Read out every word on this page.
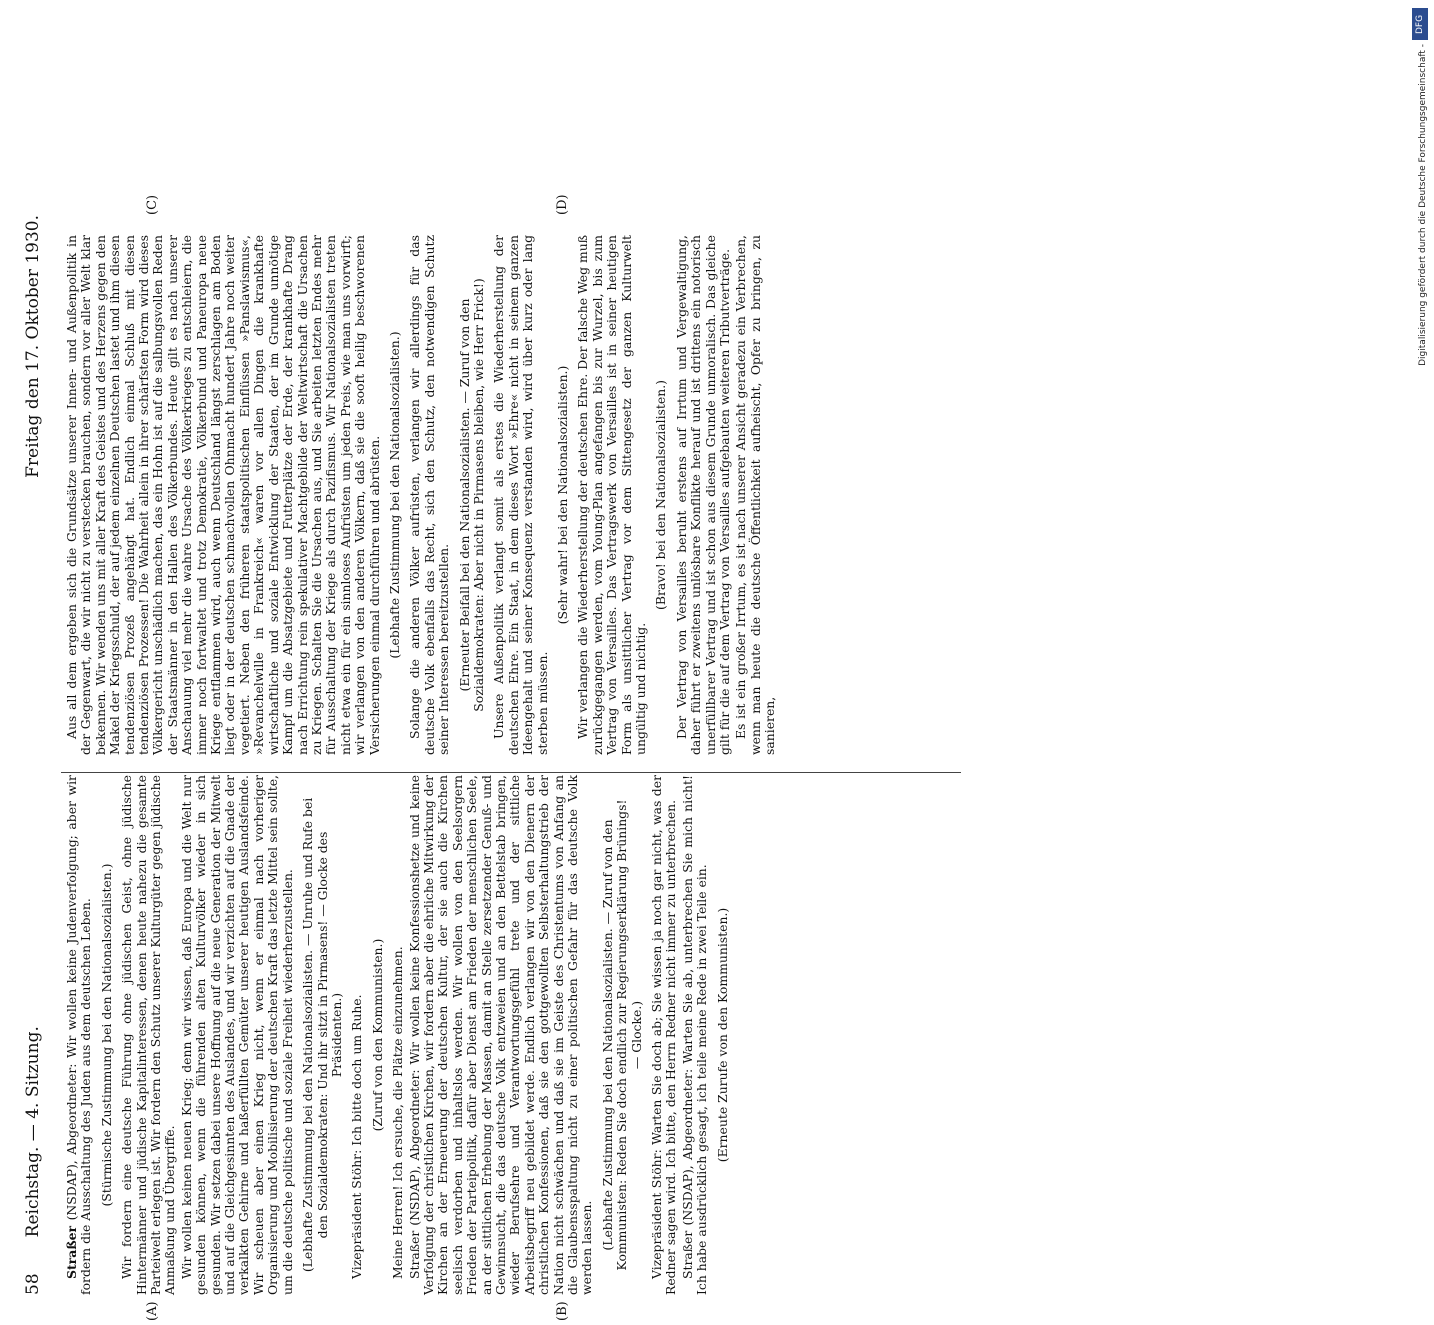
58
Reichstag. — 4. Sitzung.
Freitag den 17. Oktober 1930.
(A)	(B)
(C)	(D)

Straßer (NSDAP), Abgeordneter: Wir wollen keine Judenverfolgung; aber wir fordern die Ausschaltung des Juden aus dem deutschen Leben. (Stürmische Zustimmung bei den Nationalsozialisten.) Wir fordern eine deutsche Führung ohne jüdischen Geist, ohne jüdische Hintermänner und jüdische Kapitalinteressen, denen heute nahezu die gesamte Parteiwelt erlegen ist. Wir fordern den Schutz unserer Kulturgüter gegen jüdische Anmaßung und Übergriffe. Wir wollen keinen neuen Krieg; denn wir wissen, daß Europa und die Welt nur gesunden können, wenn die führenden alten Kulturvölker wieder in sich gesunden. Wir setzen dabei unsere Hoffnung auf die neue Generation der Mitwelt und auf die Gleichgesinnten des Auslandes, und wir verzichten auf die Gnade der verkalkten Gehirne und haßerfüllten Gemüter unserer heutigen Auslandsfeinde. Wir scheuen aber einen Krieg nicht, wenn er einmal nach vorheriger Organisierung und Mobilisierung der deutschen Kraft das letzte Mittel sein sollte, um die deutsche politische und soziale Freiheit wiederherzustellen. (Lebhafte Zustimmung bei den Nationalsozialisten. — Unruhe und Rufe bei den Sozialdemokraten: Und ihr sitzt in Pirmasens! — Glocke des Präsidenten.) Vizepräsident Stöhr: Ich bitte doch um Ruhe. (Zuruf von den Kommunisten.) Meine Herren! Ich ersuche, die Plätze einzunehmen. Straßer (NSDAP), Abgeordneter: Wir wollen keine Konfessionshetze und keine Verfolgung der christlichen Kirchen, wir fordern aber die ehrliche Mitwirkung der Kirchen an der Erneuerung der deutschen Kultur, der sie auch die Kirchen seelisch verdorben und inhaltslos werden. Wir wollen von den Seelsorgern Frieden der Parteipolitik, dafür aber Dienst am Frieden der menschlichen Seele, an der sittlichen Erhebung der Massen, damit an Stelle zersetzender Genuß- und Gewinnsucht, die das deutsche Volk entzweien und an den Bettelstab bringen, wieder Berufsehre und Verantwortungsgefühl trete und der sittliche Arbeitsbegriff neu gebildet werde. Endlich verlangen wir von den Dienern der christlichen Konfessionen, daß sie den gottgewollten Selbsterhaltungstrieb der Nation nicht schwächen und daß sie im Geiste des Christentums von Anfang an die Glaubensspaltung nicht zu einer politischen Gefahr für das deutsche Volk werden lassen. (Lebhafte Zustimmung bei den Nationalsozialisten. — Zuruf von den Kommunisten: Reden Sie doch endlich zur Regierungserklärung Brünings! — Glocke.) Vizepräsident Stöhr: Warten Sie doch ab; Sie wissen ja noch gar nicht, was der Redner sagen wird. Ich bitte, den Herrn Redner nicht immer zu unterbrechen. Straßer (NSDAP), Abgeordneter: Warten Sie ab, unterbrechen Sie mich nicht! Ich habe ausdrücklich gesagt, ich teile meine Rede in zwei Teile ein. (Erneute Zurufe von den Kommunisten.)

Aus all dem ergeben sich die Grundsätze unserer Innen- und Außenpolitik in der Gegenwart, die wir nicht zu verstecken brauchen, sondern vor aller Welt klar bekennen. Wir wenden uns mit aller Kraft des Geistes und des Herzens gegen den Makel der Kriegsschuld, der auf jedem einzelnen Deutschen lastet und ihm diesen tendenziösen Prozeß angehängt hat. Endlich einmal Schluß mit diesen tendenziösen Prozessen! Die Wahrheit allein in ihrer schärfsten Form wird dieses Völkergericht unschädlich machen, das ein Hohn ist auf die salbungsvollen Reden der Staatsmänner in den Hallen des Völkerbundes. Heute gilt es nach unserer Anschauung viel mehr die wahre Ursache des Völkerkrieges zu entschleiern, die immer noch fortwaltet und trotz Demokratie, Völkerbund und Paneuropa neue Kriege entflammen wird, auch wenn Deutschland längst zerschlagen am Boden liegt oder in der deutschen schmachvollen Ohnmacht hundert Jahre noch weiter vegetiert. Neben den früheren staatspolitischen Einflüssen »Panslawismus«, »Revanchelwille in Frankreich« waren vor allen Dingen die krankhafte wirtschaftliche und soziale Entwicklung der Staaten, der im Grunde unnötige Kampf um die Absatzgebiete und Futterplätze der Erde, der krankhafte Drang nach Errichtung rein spekulativer Machtgebilde der Weltwirtschaft die Ursachen zu Kriegen. Schalten Sie die Ursachen aus, und Sie arbeiten letzten Endes mehr für Ausschaltung der Kriege als durch Pazifismus. Wir Nationalsozialisten treten nicht etwa ein für ein sinnloses Aufrüsten um jeden Preis, wie man uns vorwirft; wir verlangen von den anderen Völkern, daß sie die sooft heilig beschworenen Versicherungen einmal durchführen und abrüsten. (Lebhafte Zustimmung bei den Nationalsozialisten.) Solange die anderen Völker aufrüsten, verlangen wir allerdings für das deutsche Volk ebenfalls das Recht, sich den Schutz, den notwendigen Schutz seiner Interessen bereitzustellen. (Erneuter Beifall bei den Nationalsozialisten. — Zuruf von den Sozialdemokraten: Aber nicht in Pirmasens bleiben, wie Herr Frick!) Unsere Außenpolitik verlangt somit als erstes die Wiederherstellung der deutschen Ehre. Ein Staat, in dem dieses Wort »Ehre« nicht in seinem ganzen Ideengehalt und seiner Konsequenz verstanden wird, wird über kurz oder lang sterben müssen.

(Sehr wahr! bei den Nationalsozialisten.) Wir verlangen die Wiederherstellung der deutschen Ehre. Der falsche Weg muß zurückgegangen werden, vom Young-Plan angefangen bis zur Wurzel, bis zum Vertrag von Versailles. Das Vertragswerk von Versailles ist in seiner heutigen Form als unsittlicher Vertrag vor dem Sittengesetz der ganzen Kulturwelt ungültig und nichtig.

(Bravo! bei den Nationalsozialisten.) Der Vertrag von Versailles beruht erstens auf Irrtum und Vergewaltigung, daher führt er zweitens unlösbare Konflikte herauf und ist drittens ein notorisch unerfüllbarer Vertrag und ist schon aus diesem Grunde unmoralisch. Das gleiche gilt für die auf dem Vertrag von Versailles aufgebauten weiteren Tributverträge. Es ist ein großer Irrtum, es ist nach unserer Ansicht geradezu ein Verbrechen, wenn man heute die deutsche Öffentlichkeit aufheischt, Opfer zu bringen, zu sanieren,

DFG
Digitalisierung gefördert durch die Deutsche Forschungsgemeinschaft -
